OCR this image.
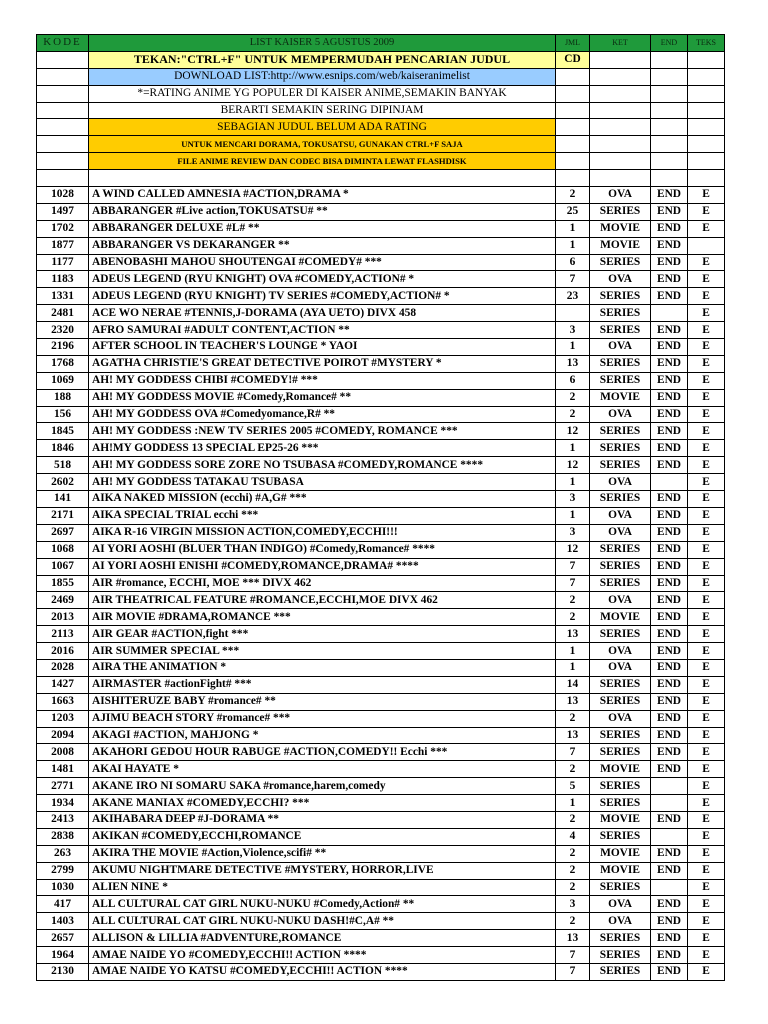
KODE	LIST KAISER 5 AGUSTUS 2009	JML	KET	END	TEKS
	TEKAN:"CTRL+F" UNTUK MEMPERMUDAH PENCARIAN JUDUL	CD			
	DOWNLOAD LIST:http://www.esnips.com/web/kaiseranimelist				
	*=RATING ANIME YG POPULER DI KAISER ANIME,SEMAKIN BANYAK				
	BERARTI SEMAKIN SERING DIPINJAM				
	SEBAGIAN JUDUL BELUM ADA RATING				
	UNTUK MENCARI DORAMA, TOKUSATSU, GUNAKAN CTRL+F SAJA				
	FILE ANIME REVIEW DAN CODEC BISA DIMINTA LEWAT FLASHDISK				

1028	A WIND CALLED AMNESIA #ACTION,DRAMA *	2	OVA	END	E
1497	ABBARANGER #Live action,TOKUSATSU# **	25	SERIES	END	E
1702	ABBARANGER DELUXE #L# **	1	MOVIE	END	E
1877	ABBARANGER VS DEKARANGER **	1	MOVIE	END	
1177	ABENOBASHI MAHOU SHOUTENGAI #COMEDY# ***	6	SERIES	END	E
1183	ADEUS LEGEND (RYU KNIGHT) OVA #COMEDY,ACTION# *	7	OVA	END	E
1331	ADEUS LEGEND (RYU KNIGHT) TV SERIES #COMEDY,ACTION# *	23	SERIES	END	E
2481	ACE WO NERAE #TENNIS,J-DORAMA (AYA UETO) DIVX 458		SERIES		E
2320	AFRO SAMURAI #ADULT CONTENT,ACTION **	3	SERIES	END	E
2196	AFTER SCHOOL IN TEACHER'S LOUNGE * YAOI	1	OVA	END	E
1768	AGATHA CHRISTIE'S GREAT DETECTIVE POIROT #MYSTERY *	13	SERIES	END	E
1069	AH! MY GODDESS CHIBI #COMEDY!# ***	6	SERIES	END	E
188	AH! MY GODDESS MOVIE #Comedy,Romance# **	2	MOVIE	END	E
156	AH! MY GODDESS OVA #Comedyomance,R# **	2	OVA	END	E
1845	AH! MY GODDESS :NEW TV SERIES 2005 #COMEDY, ROMANCE ***	12	SERIES	END	E
1846	AH!MY GODDESS 13 SPECIAL EP25-26 ***	1	SERIES	END	E
518	AH! MY GODDESS SORE ZORE NO TSUBASA #COMEDY,ROMANCE ****	12	SERIES	END	E
2602	AH! MY GODDESS TATAKAU TSUBASA	1	OVA		E
141	AIKA NAKED MISSION (ecchi) #A,G# ***	3	SERIES	END	E
2171	AIKA SPECIAL TRIAL ecchi ***	1	OVA	END	E
2697	AIKA R-16 VIRGIN MISSION ACTION,COMEDY,ECCHI!!!	3	OVA	END	E
1068	AI YORI AOSHI (BLUER THAN INDIGO) #Comedy,Romance# ****	12	SERIES	END	E
1067	AI YORI AOSHI ENISHI #COMEDY,ROMANCE,DRAMA# ****	7	SERIES	END	E
1855	AIR #romance, ECCHI, MOE *** DIVX 462	7	SERIES	END	E
2469	AIR THEATRICAL FEATURE #ROMANCE,ECCHI,MOE DIVX 462	2	OVA	END	E
2013	AIR MOVIE #DRAMA,ROMANCE ***	2	MOVIE	END	E
2113	AIR GEAR #ACTION,fight ***	13	SERIES	END	E
2016	AIR SUMMER SPECIAL ***	1	OVA	END	E
2028	AIRA THE ANIMATION *	1	OVA	END	E
1427	AIRMASTER #actionFight# ***	14	SERIES	END	E
1663	AISHITERUZE BABY #romance# **	13	SERIES	END	E
1203	AJIMU BEACH STORY #romance# ***	2	OVA	END	E
2094	AKAGI #ACTION, MAHJONG *	13	SERIES	END	E
2008	AKAHORI GEDOU HOUR RABUGE #ACTION,COMEDY!! Ecchi ***	7	SERIES	END	E
1481	AKAI HAYATE *	2	MOVIE	END	E
2771	AKANE IRO NI SOMARU SAKA #romance,harem,comedy	5	SERIES		E
1934	AKANE MANIAX #COMEDY,ECCHI? ***	1	SERIES		E
2413	AKIHABARA DEEP #J-DORAMA **	2	MOVIE	END	E
2838	AKIKAN #COMEDY,ECCHI,ROMANCE	4	SERIES		E
263	AKIRA THE MOVIE #Action,Violence,scifi# **	2	MOVIE	END	E
2799	AKUMU NIGHTMARE DETECTIVE #MYSTERY, HORROR,LIVE	2	MOVIE	END	E
1030	ALIEN NINE *	2	SERIES		E
417	ALL CULTURAL CAT GIRL NUKU-NUKU #Comedy,Action# **	3	OVA	END	E
1403	ALL CULTURAL CAT GIRL NUKU-NUKU DASH!#C,A# **	2	OVA	END	E
2657	ALLISON & LILLIA #ADVENTURE,ROMANCE	13	SERIES	END	E
1964	AMAE NAIDE YO #COMEDY,ECCHI!! ACTION ****	7	SERIES	END	E
2130	AMAE NAIDE YO KATSU #COMEDY,ECCHI!! ACTION ****	7	SERIES	END	E
